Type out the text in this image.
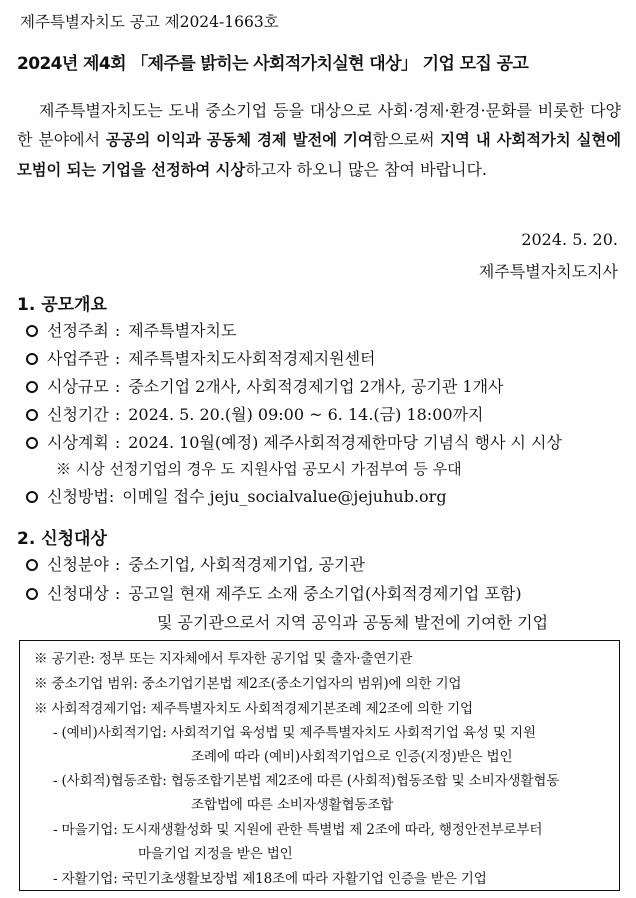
제주특별자치도 공고 제2024-1663호
2024년 제4회 「제주를 밝히는 사회적가치실현 대상」 기업 모집 공고
제주특별자치도는 도내 중소기업 등을 대상으로 사회·경제·환경·문화를 비롯한 다양한 분야에서 공공의 이익과 공동체 경제 발전에 기여함으로써 지역 내 사회적가치 실현에 모범이 되는 기업을 선정하여 시상하고자 하오니 많은 참여 바랍니다.
2024. 5. 20.
제주특별자치도지사
1. 공모개요
선정주최 : 제주특별자치도
사업주관 : 제주특별자치도사회적경제지원센터
시상규모 : 중소기업 2개사, 사회적경제기업 2개사, 공기관 1개사
신청기간 : 2024. 5. 20.(월) 09:00 ~ 6. 14.(금) 18:00까지
시상계획 : 2024. 10월(예정) 제주사회적경제한마당 기념식 행사 시 시상
※ 시상 선정기업의 경우 도 지원사업 공모시 가점부여 등 우대
신청방법: 이메일 접수 jeju_socialvalue@jejuhub.org
2. 신청대상
신청분야 : 중소기업, 사회적경제기업, 공기관
신청대상 : 공고일 현재 제주도 소재 중소기업(사회적경제기업 포함)
및 공기관으로서 지역 공익과 공동체 발전에 기여한 기업
※ 공기관: 정부 또는 지자체에서 투자한 공기업 및 출자·출연기관
※ 중소기업 범위: 중소기업기본법 제2조(중소기업자의 범위)에 의한 기업
※ 사회적경제기업: 제주특별자치도 사회적경제기본조례 제2조에 의한 기업
- (예비)사회적기업: 사회적기업 육성법 및 제주특별자치도 사회적기업 육성 및 지원
조례에 따라 (예비)사회적기업으로 인증(지정)받은 법인
- (사회적)협동조합: 협동조합기본법 제2조에 따른 (사회적)협동조합 및 소비자생활협동
조합법에 따른 소비자생활협동조합
- 마을기업: 도시재생활성화 및 지원에 관한 특별법 제 2조에 따라, 행정안전부로부터
마을기업 지정을 받은 법인
- 자활기업: 국민기초생활보장법 제18조에 따라 자활기업 인증을 받은 기업
